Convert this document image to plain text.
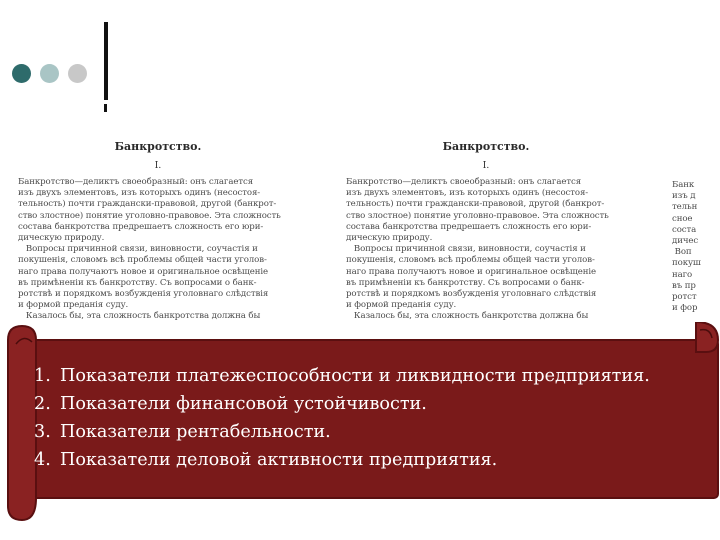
Банкротство.

I.

Банкротство—деликтъ своеобразный: онъ слагается
изъ двухъ элементовъ, изъ которыхъ одинъ (несостоя-
тельность) почти граждански-правовой, другой (банкрот-
ство злостное) понятие уголовно-правовое. Эта сложность
состава банкротства предрешаетъ сложность его юри-
дическую природу.
Вопросы причинной связи, виновности, соучастія и
покушенія, словомъ всѣ проблемы общей части уголов-
наго права получаютъ новое и оригинальное освѣщеніе
въ примѣненіи къ банкротству. Съ вопросами о банк-
ротствѣ и порядкомъ возбужденія уголовнаго слѣдствія
и формой преданія суду.
Казалось бы, эта сложность банкротства должна бы

Банкротство.

I.

Банкротство—деликтъ своеобразный: онъ слагается
изъ двухъ элементовъ, изъ которыхъ одинъ (несостоя-
тельность) почти граждански-правовой, другой (банкрот-
ство злостное) понятие уголовно-правовое. Эта сложность
состава банкротства предрешаетъ сложность его юри-
дическую природу.
Вопросы причинной связи, виновности, соучастія и
покушенія, словомъ всѣ проблемы общей части уголов-
наго права получаютъ новое и оригинальное освѣщеніе
въ примѣненіи къ банкротству. Съ вопросами о банк-
ротствѣ и порядкомъ возбужденія уголовнаго слѣдствія
и формой преданія суду.
Казалось бы, эта сложность банкротства должна бы
Банк
изъ д
тельн
сное
соста
дичес
Воп
покуш
наго
въ пр
ротст
и фор
1. Показатели платежеспособности и ликвидности предприятия.
2. Показатели финансовой устойчивости.
3. Показатели рентабельности.
4. Показатели деловой активности предприятия.
